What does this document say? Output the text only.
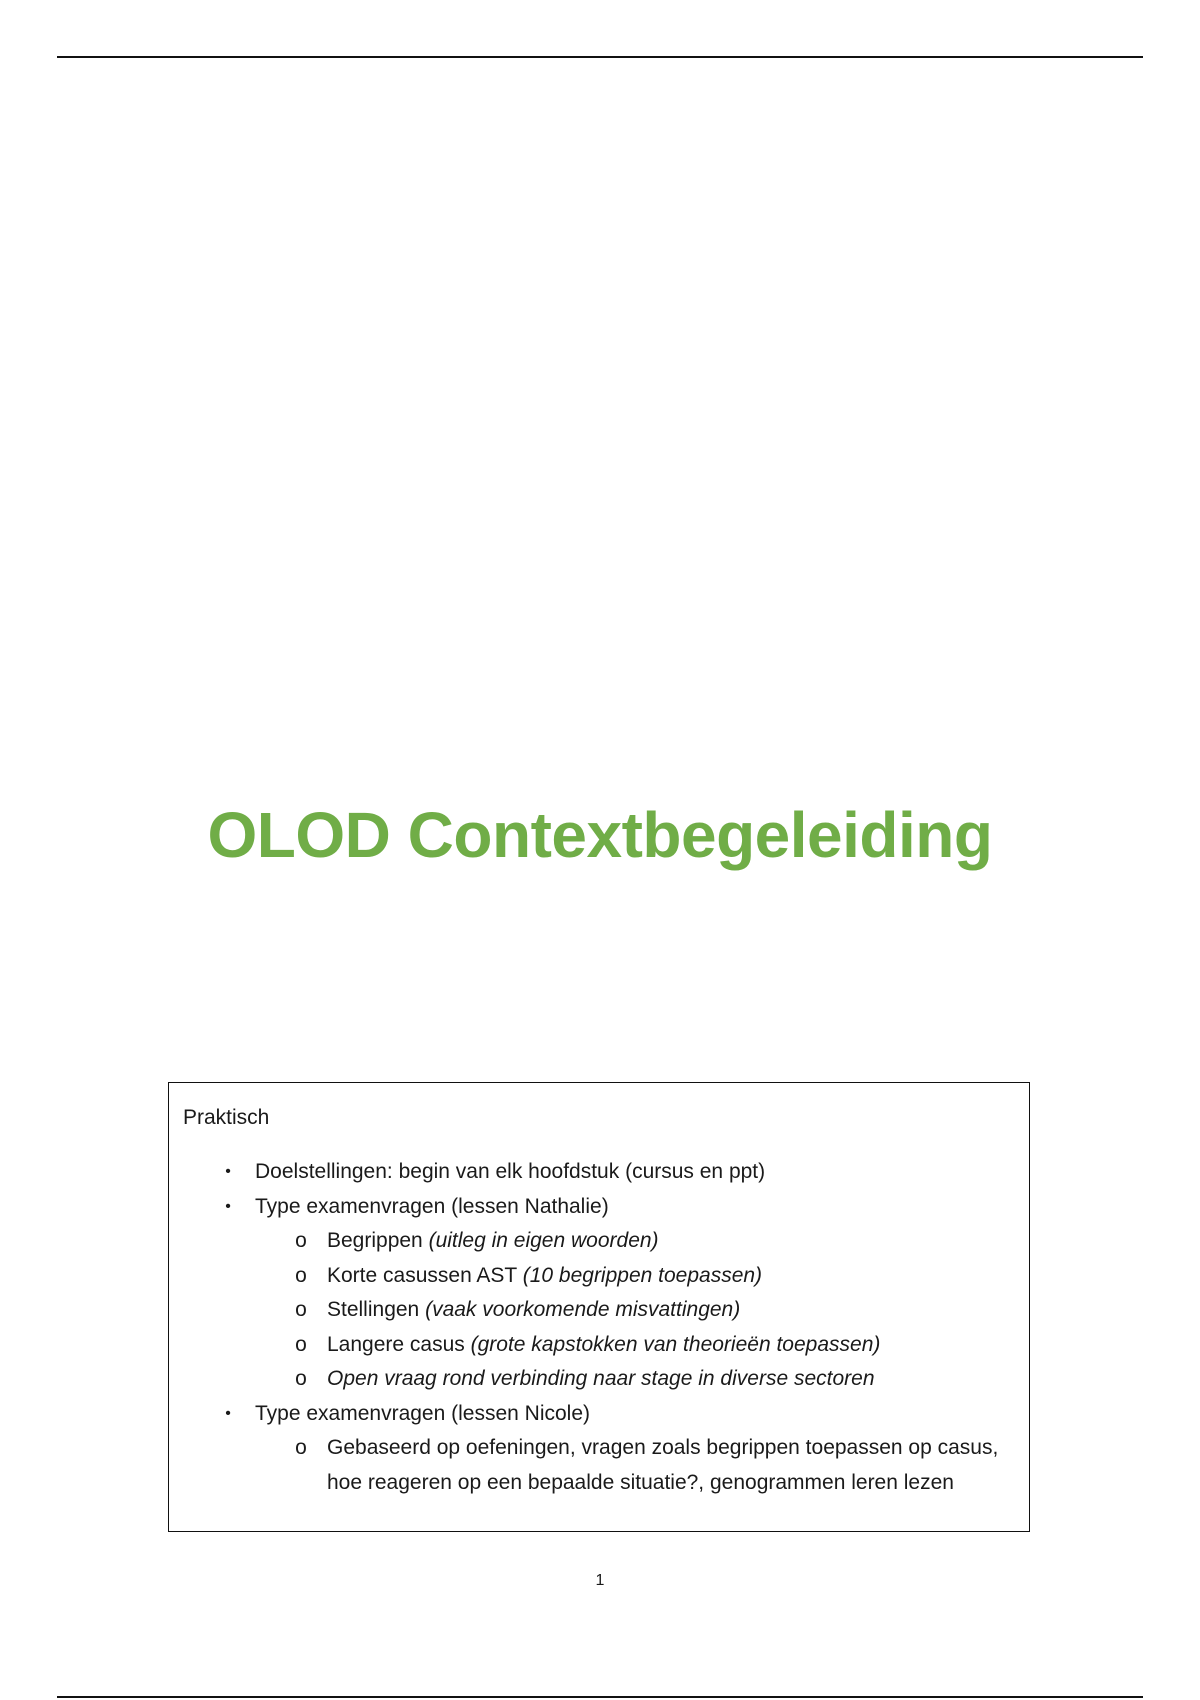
OLOD Contextbegeleiding
Praktisch
•	Doelstellingen: begin van elk hoofdstuk (cursus en ppt)
•	Type examenvragen (lessen Nathalie)
o Begrippen (uitleg in eigen woorden)
o Korte casussen AST (10 begrippen toepassen)
o Stellingen (vaak voorkomende misvattingen)
o Langere casus (grote kapstokken van theorieën toepassen)
o Open vraag rond verbinding naar stage in diverse sectoren
•	Type examenvragen (lessen Nicole)
o Gebaseerd op oefeningen, vragen zoals begrippen toepassen op casus, hoe reageren op een bepaalde situatie?, genogrammen leren lezen
1
